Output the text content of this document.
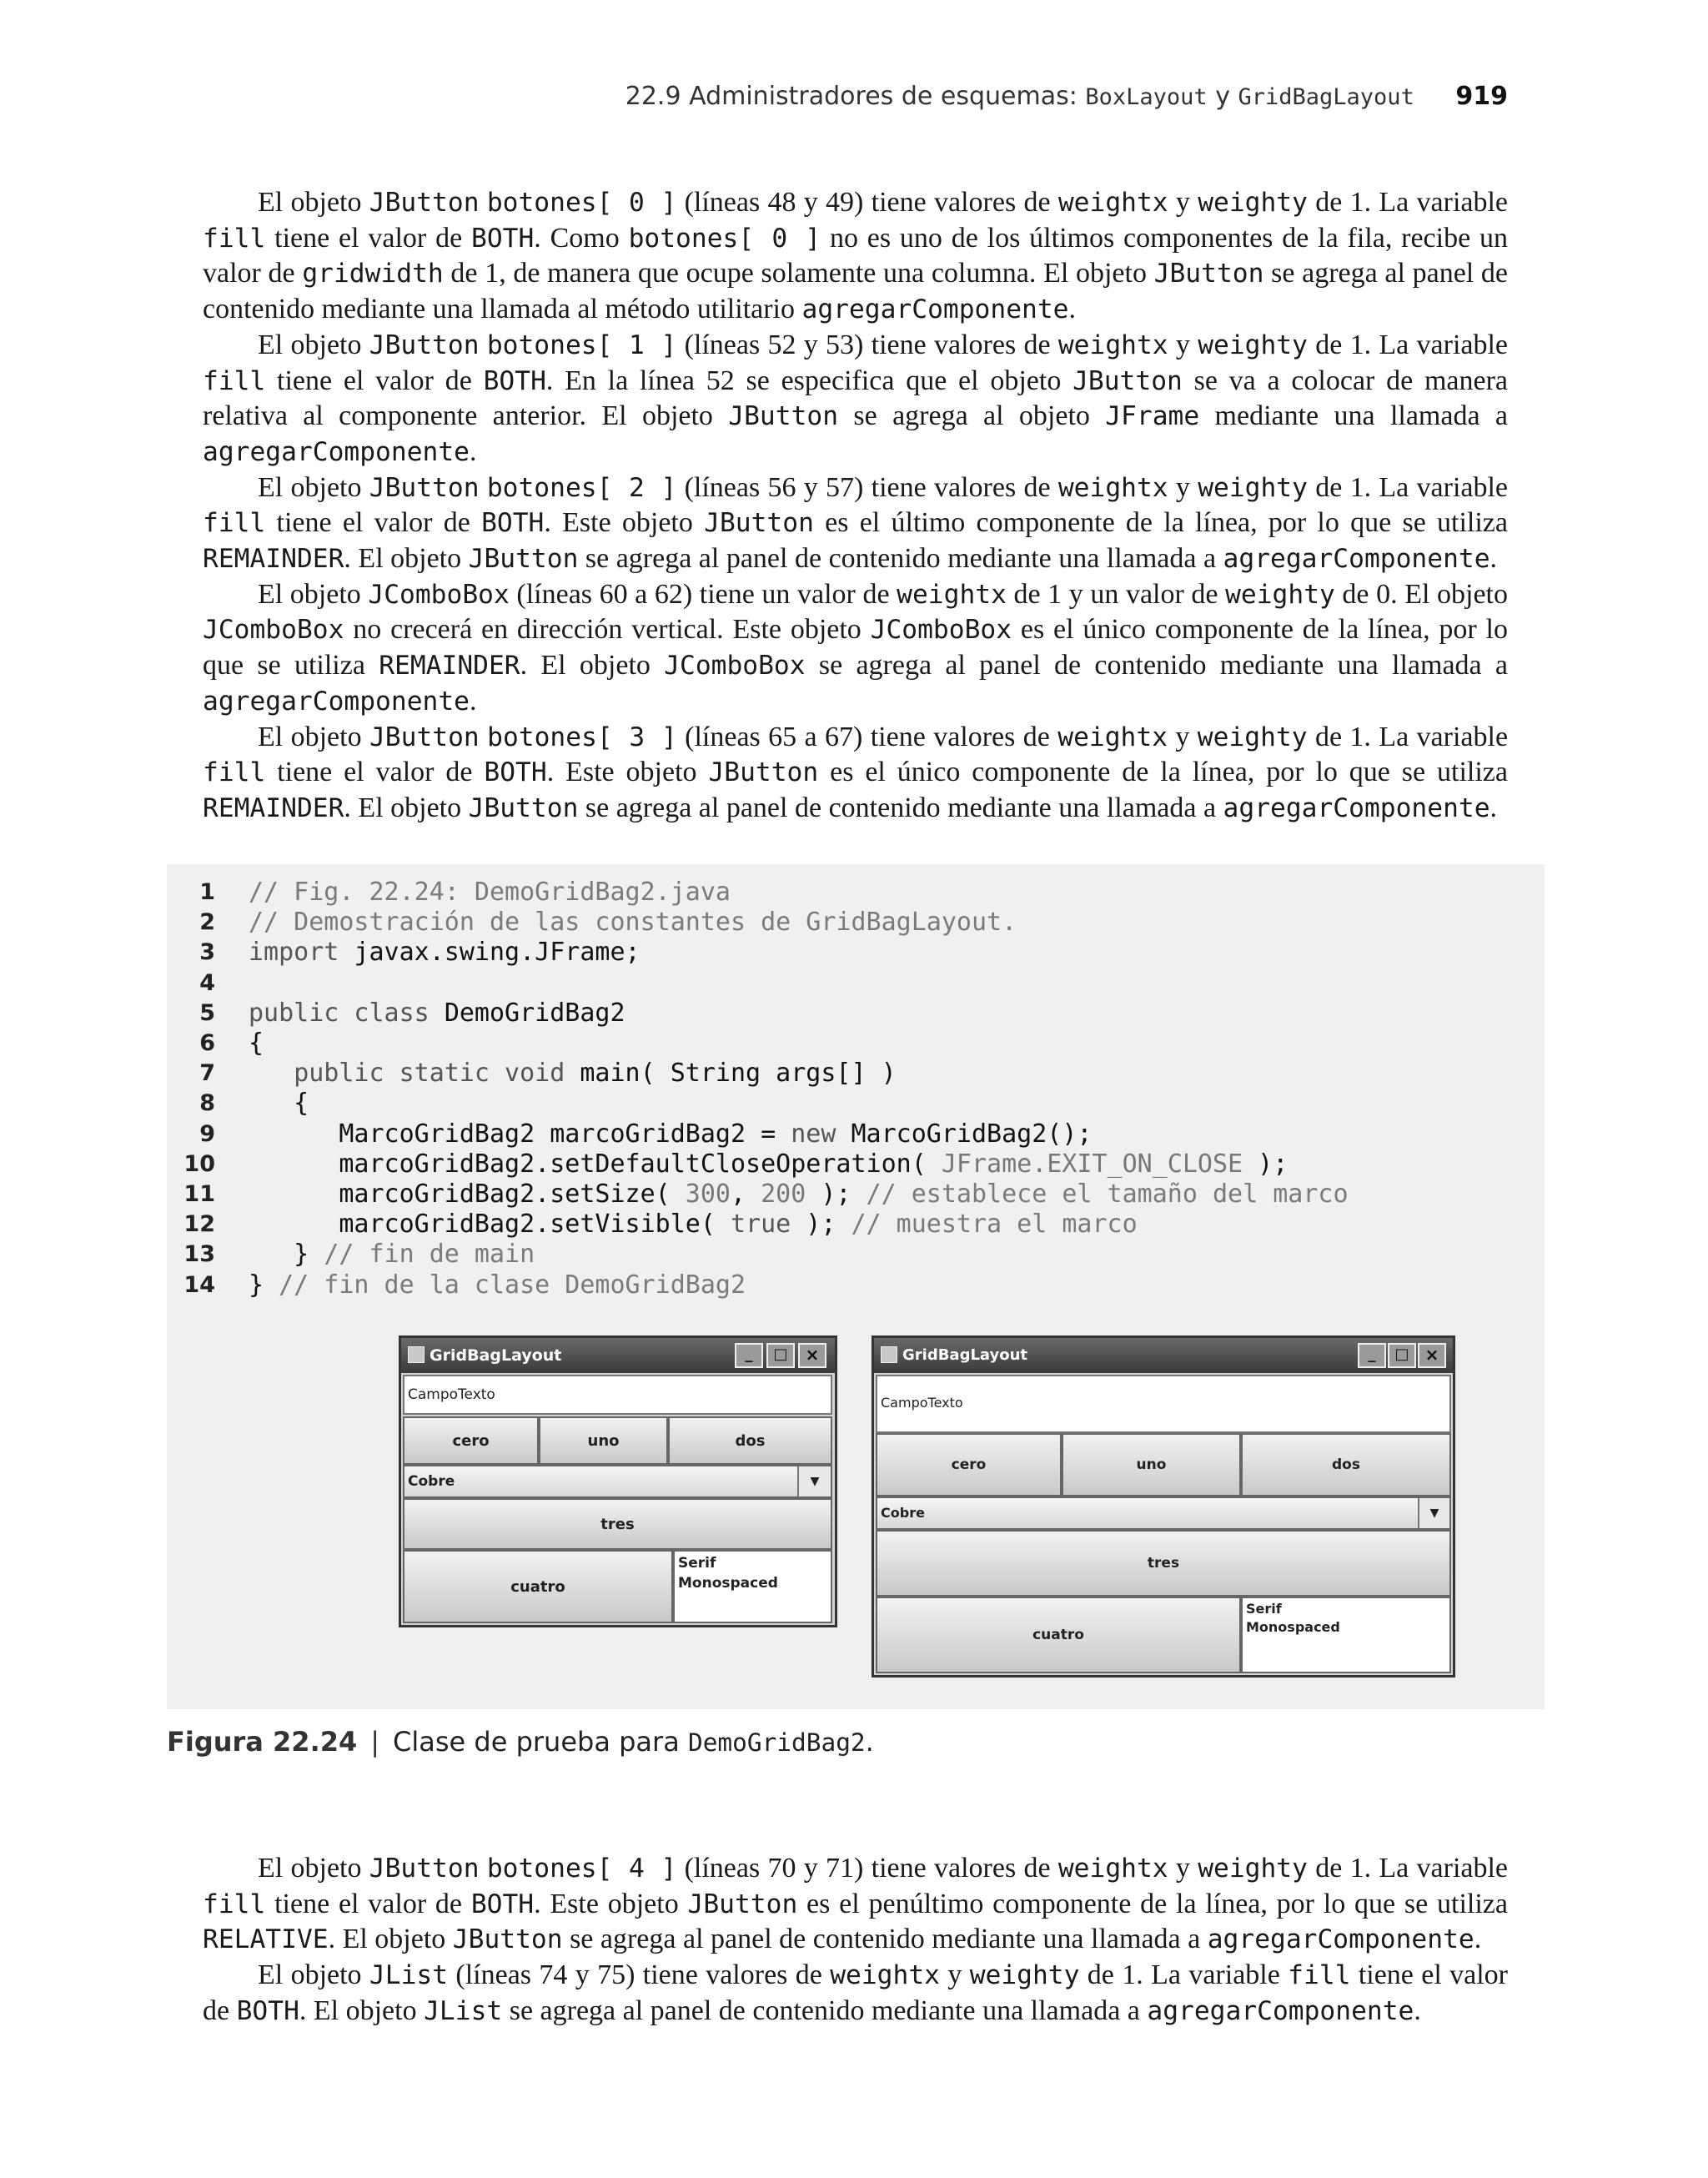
22.9 Administradores de esquemas: BoxLayout y GridBagLayout 919

El objeto JButton botones[ 0 ] (líneas 48 y 49) tiene valores de weightx y weighty de 1. La variable fill tiene el valor de BOTH. Como botones[ 0 ] no es uno de los últimos componentes de la fila, recibe un valor de gridwidth de 1, de manera que ocupe solamente una columna. El objeto JButton se agrega al panel de contenido mediante una llamada al método utilitario agregarComponente.

El objeto JButton botones[ 1 ] (líneas 52 y 53) tiene valores de weightx y weighty de 1. La variable fill tiene el valor de BOTH. En la línea 52 se especifica que el objeto JButton se va a colocar de manera relativa al componente anterior. El objeto JButton se agrega al objeto JFrame mediante una llamada a agregarComponente.

El objeto JButton botones[ 2 ] (líneas 56 y 57) tiene valores de weightx y weighty de 1. La variable fill tiene el valor de BOTH. Este objeto JButton es el último componente de la línea, por lo que se utiliza REMAINDER. El objeto JButton se agrega al panel de contenido mediante una llamada a agregarComponente.

El objeto JComboBox (líneas 60 a 62) tiene un valor de weightx de 1 y un valor de weighty de 0. El objeto JComboBox no crecerá en dirección vertical. Este objeto JComboBox es el único componente de la línea, por lo que se utiliza REMAINDER. El objeto JComboBox se agrega al panel de contenido mediante una llamada a agregarComponente.

El objeto JButton botones[ 3 ] (líneas 65 a 67) tiene valores de weightx y weighty de 1. La variable fill tiene el valor de BOTH. Este objeto JButton es el único componente de la línea, por lo que se utiliza REMAINDER. El objeto JButton se agrega al panel de contenido mediante una llamada a agregarComponente.

1	// Fig. 22.24: DemoGridBag2.java
2	// Demostración de las constantes de GridBagLayout.
3	import javax.swing.JFrame;
4

5	public class DemoGridBag2
6	{
7	public static void main( String args[] )
8	{
9	MarcoGridBag2 marcoGridBag2 = new MarcoGridBag2();
10	marcoGridBag2.setDefaultCloseOperation( JFrame.EXIT_ON_CLOSE );
11	marcoGridBag2.setSize( 300, 200 ); // establece el tamaño del marco
12	marcoGridBag2.setVisible( true ); // muestra el marco
13	} // fin de main
14	} // fin de la clase DemoGridBag2
GridBagLayout	_	□	×
CampoTexto
cero	uno	dos
Cobre	▼
tres
cuatro
Serif
Monospaced
GridBagLayout	_	□ ×
CampoTexto
cero	uno	dos
Cobre	▼
tres
cuatro
Serif
Monospaced
Figura 22.24 | Clase de prueba para DemoGridBag2.

El objeto JButton botones[ 4 ] (líneas 70 y 71) tiene valores de weightx y weighty de 1. La variable fill tiene el valor de BOTH. Este objeto JButton es el penúltimo componente de la línea, por lo que se utiliza RELATIVE. El objeto JButton se agrega al panel de contenido mediante una llamada a agregarComponente.

El objeto JList (líneas 74 y 75) tiene valores de weightx y weighty de 1. La variable fill tiene el valor de BOTH. El objeto JList se agrega al panel de contenido mediante una llamada a agregarComponente.
